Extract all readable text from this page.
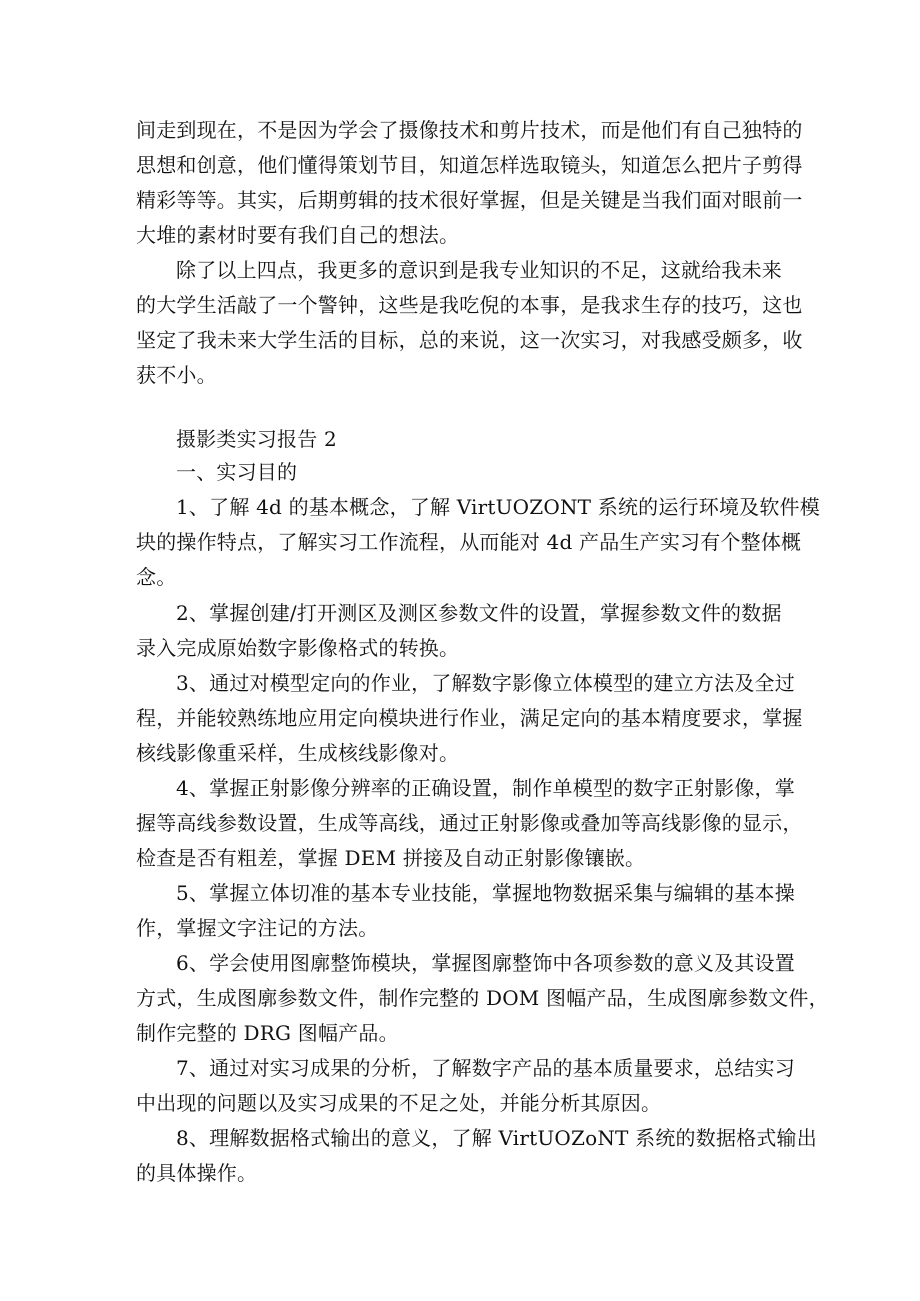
间走到现在，不是因为学会了摄像技术和剪片技术，而是他们有自己独特的
思想和创意，他们懂得策划节目，知道怎样选取镜头，知道怎么把片子剪得
精彩等等。其实，后期剪辑的技术很好掌握，但是关键是当我们面对眼前一
大堆的素材时要有我们自己的想法。
除了以上四点，我更多的意识到是我专业知识的不足，这就给我未来
的大学生活敲了一个警钟，这些是我吃倪的本事，是我求生存的技巧，这也
坚定了我未来大学生活的目标，总的来说，这一次实习，对我感受颇多，收
获不小。
摄影类实习报告 2
一、实习目的
1、了解 4d 的基本概念，了解 VirtUOZONT 系统的运行环境及软件模
块的操作特点，了解实习工作流程，从而能对 4d 产品生产实习有个整体概
念。
2、掌握创建/打开测区及测区参数文件的设置，掌握参数文件的数据
录入完成原始数字影像格式的转换。
3、通过对模型定向的作业，了解数字影像立体模型的建立方法及全过
程，并能较熟练地应用定向模块进行作业，满足定向的基本精度要求，掌握
核线影像重采样，生成核线影像对。
4、掌握正射影像分辨率的正确设置，制作单模型的数字正射影像，掌
握等高线参数设置，生成等高线，通过正射影像或叠加等高线影像的显示，
检查是否有粗差，掌握 DEM 拼接及自动正射影像镶嵌。
5、掌握立体切准的基本专业技能，掌握地物数据采集与编辑的基本操
作，掌握文字注记的方法。
6、学会使用图廓整饰模块，掌握图廓整饰中各项参数的意义及其设置
方式，生成图廓参数文件，制作完整的 DOM 图幅产品，生成图廓参数文件，
制作完整的 DRG 图幅产品。
7、通过对实习成果的分析，了解数字产品的基本质量要求，总结实习
中出现的问题以及实习成果的不足之处，并能分析其原因。
8、理解数据格式输出的意义，了解 VirtUOZoNT 系统的数据格式输出
的具体操作。
